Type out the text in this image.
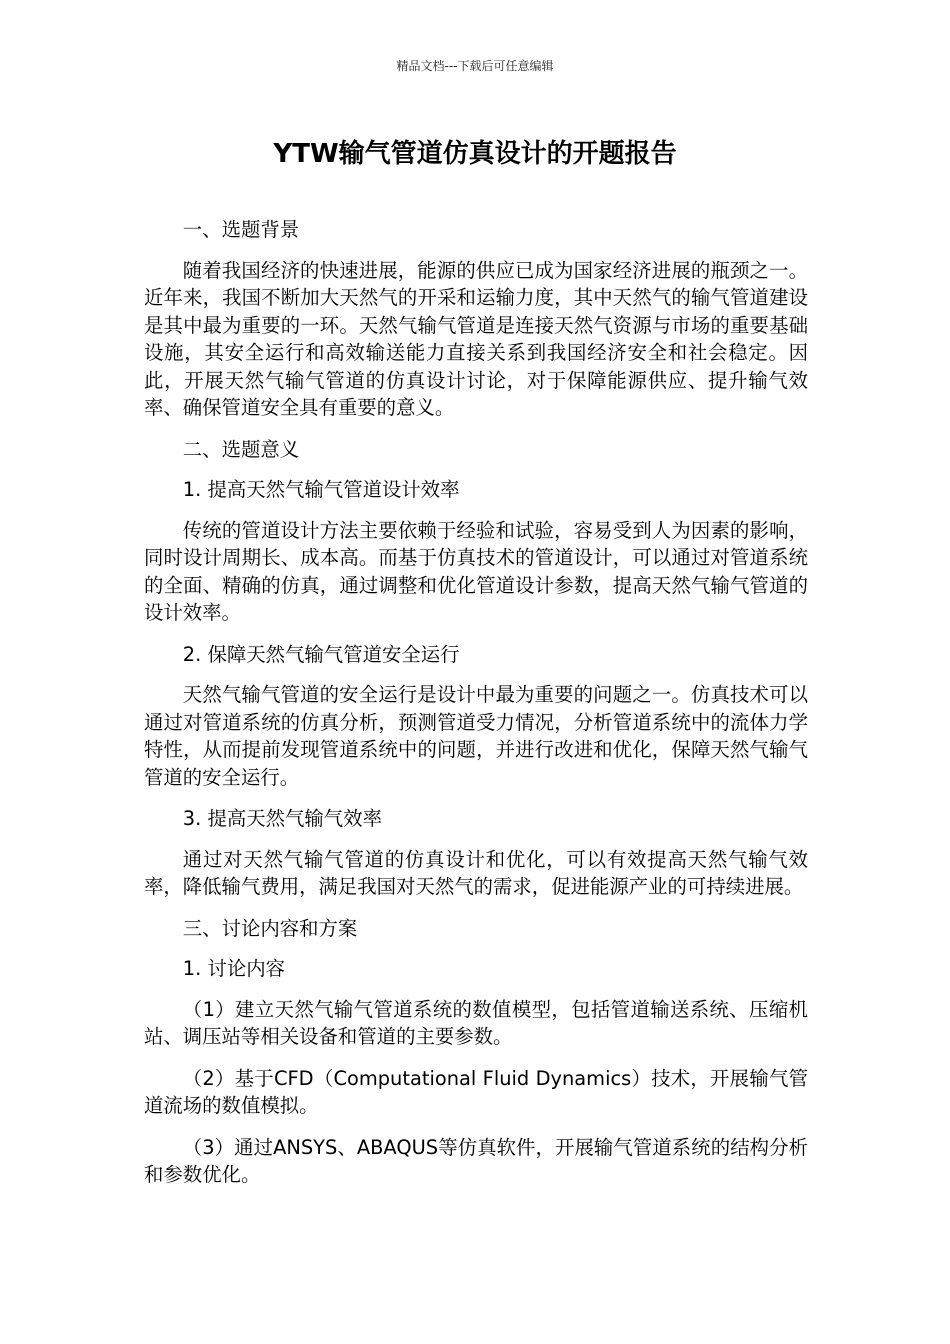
精品文档---下载后可任意编辑
YTW输气管道仿真设计的开题报告

一、选题背景

随着我国经济的快速进展，能源的供应已成为国家经济进展的瓶颈之一。近年来，我国不断加大天然气的开采和运输力度，其中天然气的输气管道建设是其中最为重要的一环。天然气输气管道是连接天然气资源与市场的重要基础设施，其安全运行和高效输送能力直接关系到我国经济安全和社会稳定。因此，开展天然气输气管道的仿真设计讨论，对于保障能源供应、提升输气效率、确保管道安全具有重要的意义。

二、选题意义

1. 提高天然气输气管道设计效率

传统的管道设计方法主要依赖于经验和试验，容易受到人为因素的影响，同时设计周期长、成本高。而基于仿真技术的管道设计，可以通过对管道系统的全面、精确的仿真，通过调整和优化管道设计参数，提高天然气输气管道的设计效率。

2. 保障天然气输气管道安全运行

天然气输气管道的安全运行是设计中最为重要的问题之一。仿真技术可以通过对管道系统的仿真分析，预测管道受力情况，分析管道系统中的流体力学特性，从而提前发现管道系统中的问题，并进行改进和优化，保障天然气输气管道的安全运行。

3. 提高天然气输气效率

通过对天然气输气管道的仿真设计和优化，可以有效提高天然气输气效率，降低输气费用，满足我国对天然气的需求，促进能源产业的可持续进展。

三、讨论内容和方案

1. 讨论内容

（1）建立天然气输气管道系统的数值模型，包括管道输送系统、压缩机站、调压站等相关设备和管道的主要参数。

（2）基于CFD（Computational Fluid Dynamics）技术，开展输气管道流场的数值模拟。

（3）通过ANSYS、ABAQUS等仿真软件，开展输气管道系统的结构分析和参数优化。
